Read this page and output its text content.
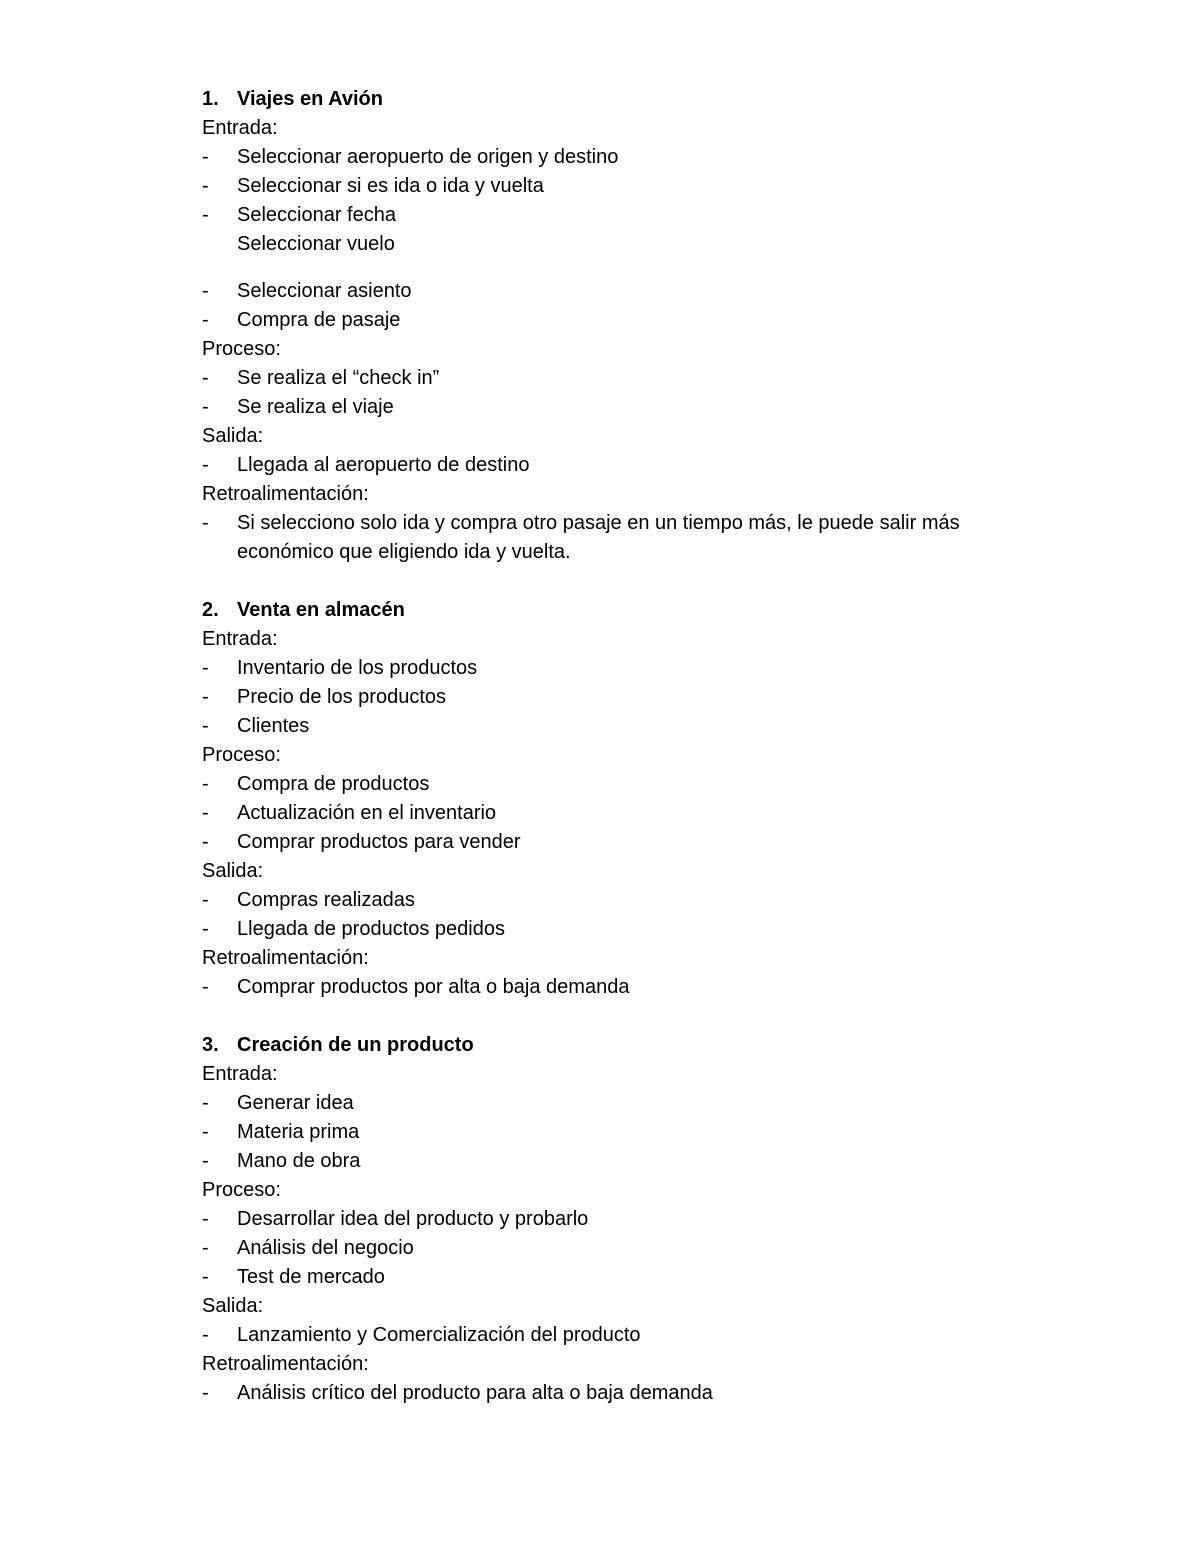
1. Viajes en Avión
Entrada:
- Seleccionar aeropuerto de origen y destino
- Seleccionar si es ida o ida y vuelta
- Seleccionar fecha
Seleccionar vuelo
- Seleccionar asiento
- Compra de pasaje
Proceso:
- Se realiza el “check in”
- Se realiza el viaje
Salida:
- Llegada al aeropuerto de destino
Retroalimentación:
- Si selecciono solo ida y compra otro pasaje en un tiempo más, le puede salir más
económico que eligiendo ida y vuelta.
2. Venta en almacén
Entrada:
- Inventario de los productos
- Precio de los productos
- Clientes
Proceso:
- Compra de productos
- Actualización en el inventario
- Comprar productos para vender
Salida:
- Compras realizadas
- Llegada de productos pedidos
Retroalimentación:
- Comprar productos por alta o baja demanda
3. Creación de un producto
Entrada:
- Generar idea
- Materia prima
- Mano de obra
Proceso:
- Desarrollar idea del producto y probarlo
- Análisis del negocio
- Test de mercado
Salida:
- Lanzamiento y Comercialización del producto
Retroalimentación:
- Análisis crítico del producto para alta o baja demanda
